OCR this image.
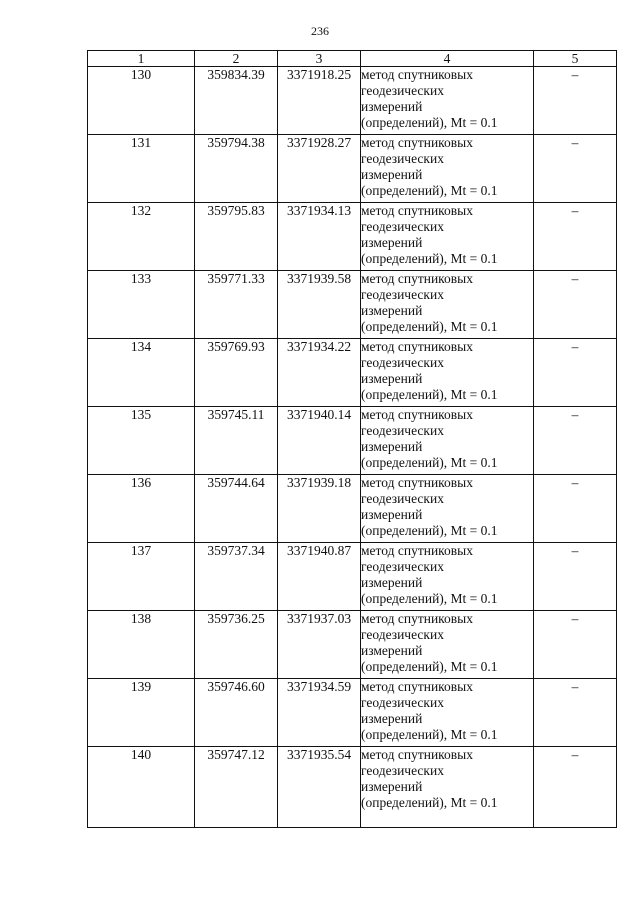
236
1	2	3	4	5
130	359834.39	3371918.25	метод спутниковых
геодезических
измерений
(определений), Mt = 0.1	–
131	359794.38	3371928.27	метод спутниковых
геодезических
измерений
(определений), Mt = 0.1	–
132	359795.83	3371934.13	метод спутниковых
геодезических
измерений
(определений), Mt = 0.1	–
133	359771.33	3371939.58	метод спутниковых
геодезических
измерений
(определений), Mt = 0.1	–
134	359769.93	3371934.22	метод спутниковых
геодезических
измерений
(определений), Mt = 0.1	–
135	359745.11	3371940.14	метод спутниковых
геодезических
измерений
(определений), Mt = 0.1	–
136	359744.64	3371939.18	метод спутниковых
геодезических
измерений
(определений), Mt = 0.1	–
137	359737.34	3371940.87	метод спутниковых
геодезических
измерений
(определений), Mt = 0.1	–
138	359736.25	3371937.03	метод спутниковых
геодезических
измерений
(определений), Mt = 0.1	–
139	359746.60	3371934.59	метод спутниковых
геодезических
измерений
(определений), Mt = 0.1	–
140	359747.12	3371935.54	метод спутниковых
геодезических
измерений
(определений), Mt = 0.1	–
